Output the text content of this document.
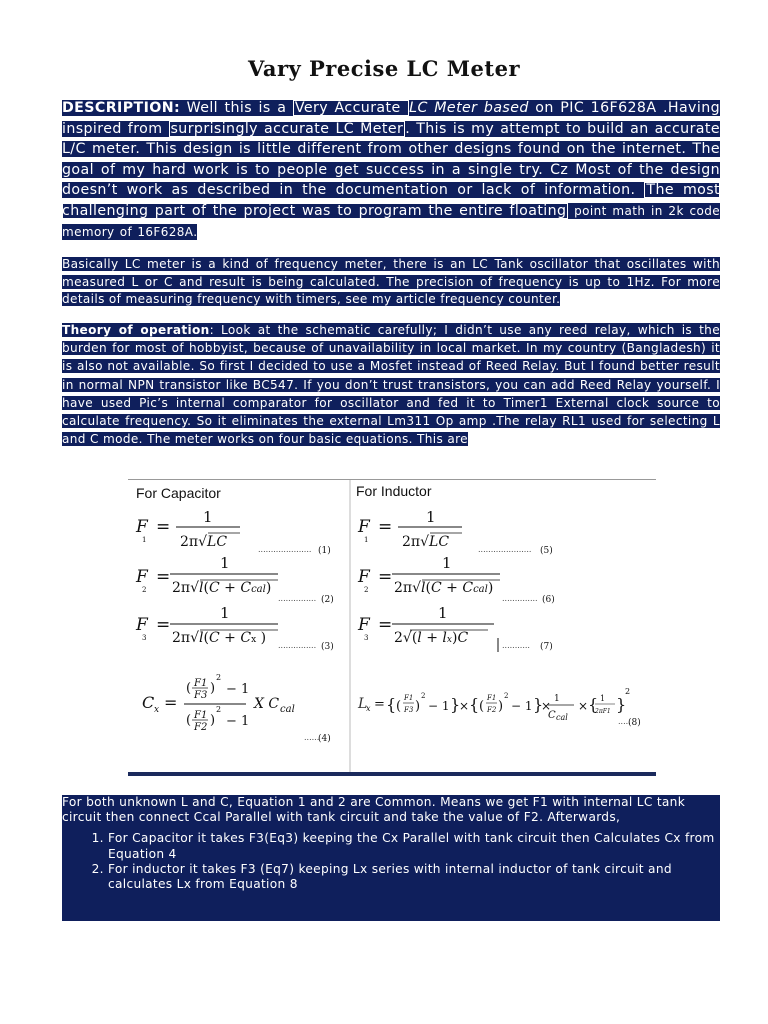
Vary Precise LC Meter

DESCRIPTION: Well this is a Very Accurate LC Meter based on PIC 16F628A .Having inspired from surprisingly accurate LC Meter . This is my attempt to build an accurate L/C meter. This design is little different from other designs found on the internet. The goal of my hard work is to people get success in a single try. Cz Most of the design doesn’t work as described in the documentation or lack of information. The most challenging part of the project was to program the entire floating point math in 2k code memory of 16F628A.

Basically LC meter is a kind of frequency meter, there is an LC Tank oscillator that oscillates with measured L or C and result is being calculated. The precision of frequency is up to 1Hz. For more details of measuring frequency with timers, see my article frequency counter.

Theory of operation: Look at the schematic carefully; I didn’t use any reed relay, which is the burden for most of hobbyist, because of unavailability in local market. In my country (Bangladesh) it is also not available. So first I decided to use a Mosfet instead of Reed Relay. But I found better result in normal NPN transistor like BC547. If you don’t trust transistors, you can add Reed Relay yourself. I have used Pic’s internal comparator for oscillator and fed it to Timer1 External clock source to calculate frequency. So it eliminates the external Lm311 Op amp .The relay RL1 used for selecting L and C mode. The meter works on four basic equations. This are

For Capacitor	For Inductor
F
1
= 1
2π√LC	..................... (1)
F
2
=
1
2π√l(C + Ccal)
............... (2)
F
3
=
1
2π√l(C + Cx ) ............... (3)
C x =
( F1
F3 )
2
− 1
( F1
F2 )
2
− 1
X C cal
......
(4)
F
1
= 1
2π√LC	..................... (5)
F
2
=
1
2π√l(C + Ccal)
.............. (6)
F
3
=
1
2√(l + lx)C	........... (7)
L
x = { (
F1
F3 )
2
− 1 }
× { (
F1
F2 )
2
− 1 }
× 1
C cal
× { 1
2πF1 }
2
.....
(8)

For both unknown L and C, Equation 1 and 2 are Common. Means we get F1 with internal LC tank circuit then connect Ccal Parallel with tank circuit and take the value of F2. Afterwards,

1. For Capacitor it takes F3(Eq3) keeping the Cx Parallel with tank circuit then Calculates Cx from Equation 4
2. For inductor it takes F3 (Eq7) keeping Lx series with internal inductor of tank circuit and calculates Lx from Equation 8
